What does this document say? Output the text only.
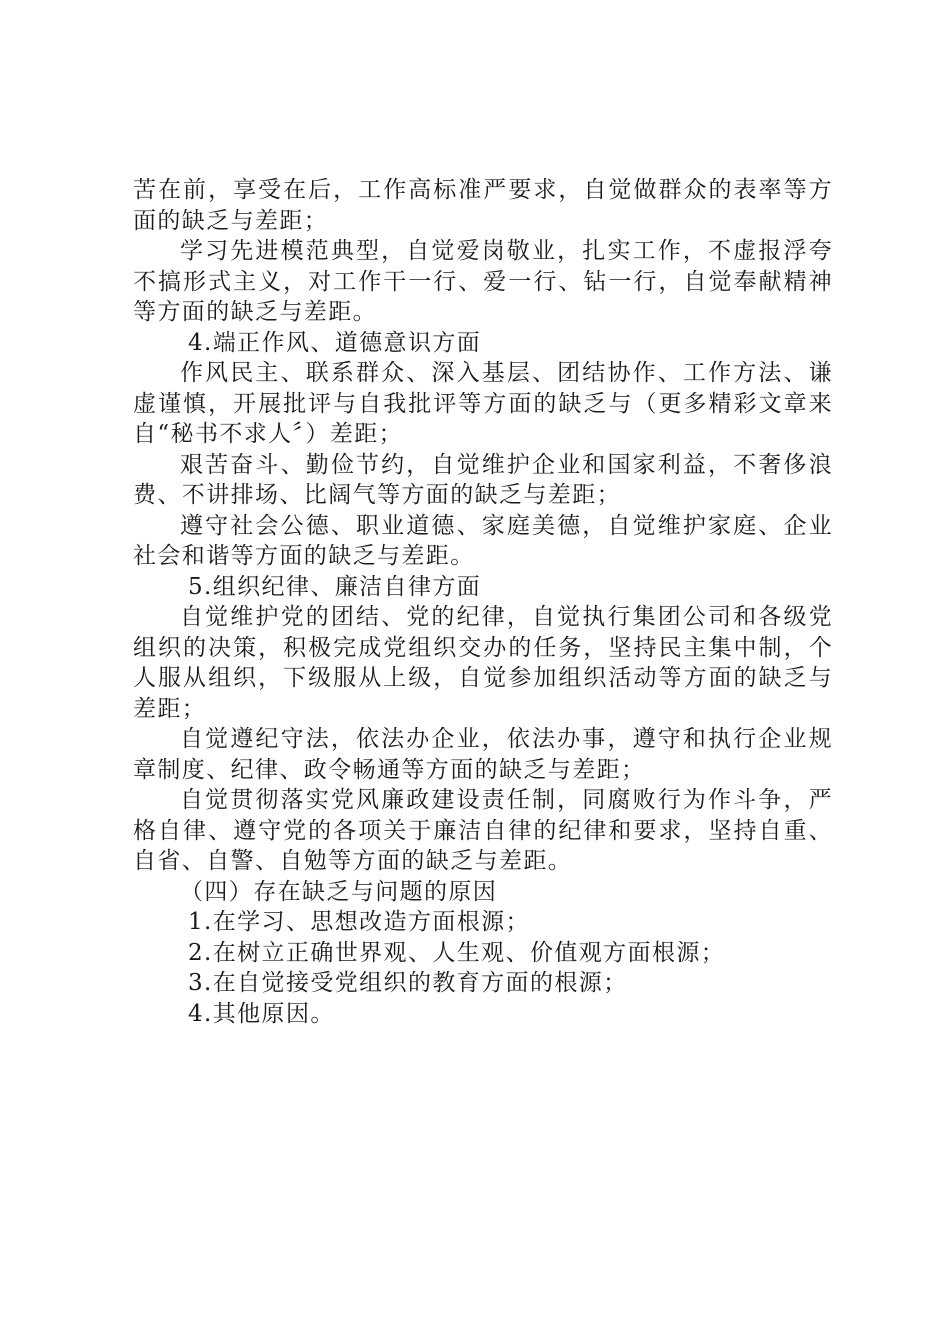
苦在前，享受在后，工作高标准严要求，自觉做群众的表率等方面的缺乏与差距；

学习先进模范典型，自觉爱岗敬业，扎实工作，不虚报浮夸不搞形式主义，对工作干一行、爱一行、钻一行，自觉奉献精神等方面的缺乏与差距。

4.端正作风、道德意识方面

作风民主、联系群众、深入基层、团结协作、工作方法、谦虚谨慎，开展批评与自我批评等方面的缺乏与（更多精彩文章来自“秘书不求人〞）差距；

艰苦奋斗、勤俭节约，自觉维护企业和国家利益，不奢侈浪费、不讲排场、比阔气等方面的缺乏与差距；

遵守社会公德、职业道德、家庭美德，自觉维护家庭、企业社会和谐等方面的缺乏与差距。

5.组织纪律、廉洁自律方面

自觉维护党的团结、党的纪律，自觉执行集团公司和各级党组织的决策，积极完成党组织交办的任务，坚持民主集中制，个人服从组织，下级服从上级，自觉参加组织活动等方面的缺乏与差距；

自觉遵纪守法，依法办企业，依法办事，遵守和执行企业规章制度、纪律、政令畅通等方面的缺乏与差距；

自觉贯彻落实党风廉政建设责任制，同腐败行为作斗争，严格自律、遵守党的各项关于廉洁自律的纪律和要求，坚持自重、自省、自警、自勉等方面的缺乏与差距。

（四）存在缺乏与问题的原因

1.在学习、思想改造方面根源；

2.在树立正确世界观、人生观、价值观方面根源；

3.在自觉接受党组织的教育方面的根源；

4.其他原因。
